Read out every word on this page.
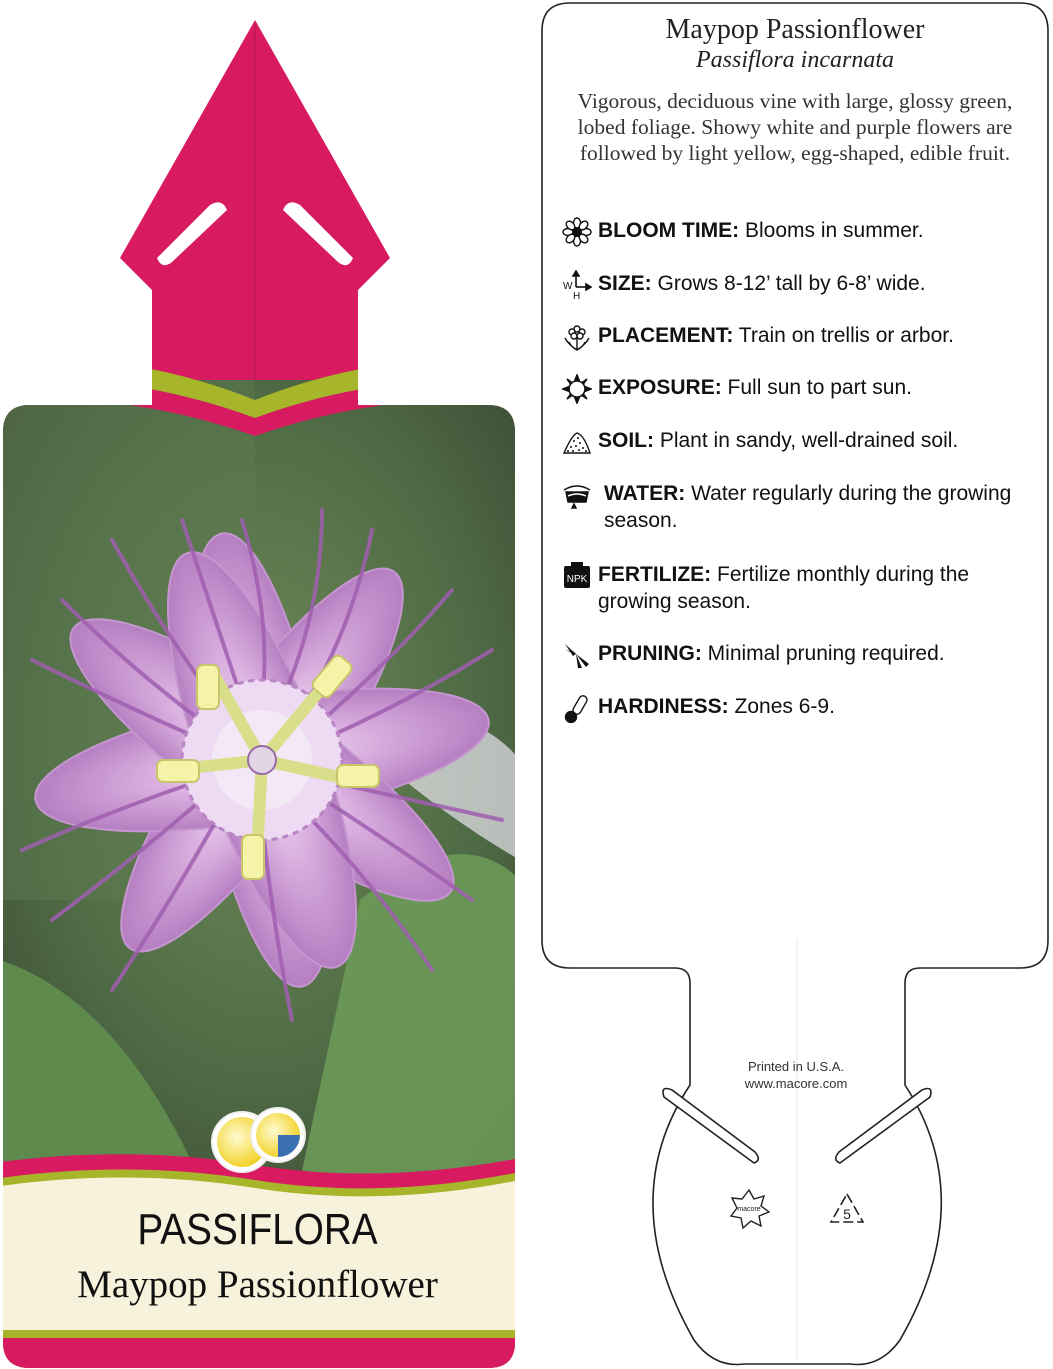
PASSIFLORA
Maypop Passionflower
macore	5
Maypop Passionflower
Passiflora incarnata
Vigorous, deciduous vine with large, glossy green, lobed foliage. Showy white and purple flowers are followed by light yellow, egg-shaped, edible fruit.
BLOOM TIME: Blooms in summer.
W
H
SIZE: Grows 8-12’ tall by 6-8’ wide.
PLACEMENT: Train on trellis or arbor.
EXPOSURE: Full sun to part sun.
SOIL: Plant in sandy, well-drained soil.
WATER: Water regularly during the growing season.
NPK FERTILIZE: Fertilize monthly during the growing season.
PRUNING: Minimal pruning required.
HARDINESS: Zones 6-9.
Printed in U.S.A.
www.macore.com
